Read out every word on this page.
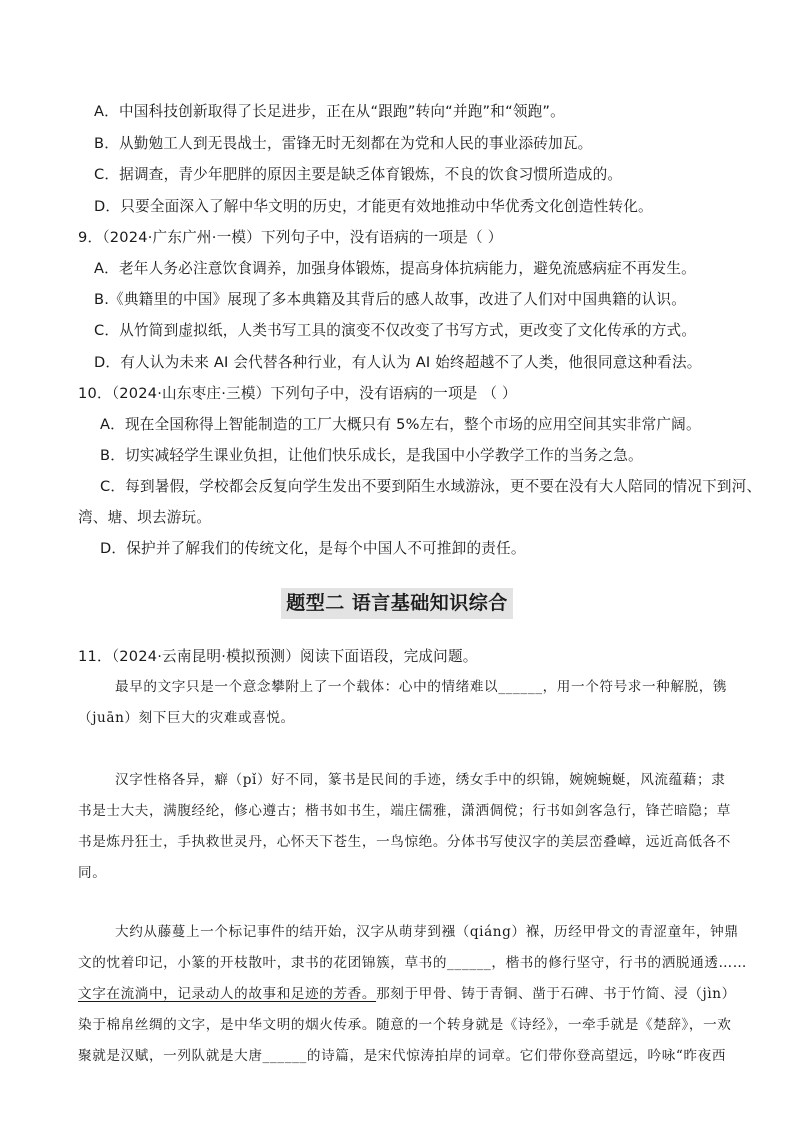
A．中国科技创新取得了长足进步，正在从“跟跑”转向“并跑”和“领跑”。
B．从勤勉工人到无畏战士，雷锋无时无刻都在为党和人民的事业添砖加瓦。
C．据调查，青少年肥胖的原因主要是缺乏体育锻炼，不良的饮食习惯所造成的。
D．只要全面深入了解中华文明的历史，才能更有效地推动中华优秀文化创造性转化。
9．（2024·广东广州·一模）下列句子中，没有语病的一项是（ ）
A．老年人务必注意饮食调养，加强身体锻炼，提高身体抗病能力，避免流感病症不再发生。
B.《典籍里的中国》展现了多本典籍及其背后的感人故事，改进了人们对中国典籍的认识。
C．从竹简到虚拟纸，人类书写工具的演变不仅改变了书写方式，更改变了文化传承的方式。
D．有人认为未来 AI 会代替各种行业，有人认为 AI 始终超越不了人类，他很同意这种看法。
10．（2024·山东枣庄·三模）下列句子中，没有语病的一项是 （ ）
A．现在全国称得上智能制造的工厂大概只有 5%左右，整个市场的应用空间其实非常广阔。
B．切实减轻学生课业负担，让他们快乐成长，是我国中小学教学工作的当务之急。
C．每到暑假，学校都会反复向学生发出不要到陌生水域游泳，更不要在没有大人陪同的情况下到河、
湾、塘、坝去游玩。
D．保护并了解我们的传统文化，是每个中国人不可推卸的责任。
题型二 语言基础知识综合
11．（2024·云南昆明·模拟预测）阅读下面语段，完成问题。
最早的文字只是一个意念攀附上了一个载体：心中的情绪难以______，用一个符号求一种解脱，镌
（juān）刻下巨大的灾难或喜悦。
汉字性格各异，癖（pǐ）好不同，篆书是民间的手迹，绣女手中的织锦，婉婉蜿蜒，风流蕴藉；隶
书是士大夫，满腹经纶，修心遵古；楷书如书生，端庄儒雅，潇洒倜傥；行书如剑客急行，锋芒暗隐；草
书是炼丹狂士，手执救世灵丹，心怀天下苍生，一鸟惊绝。分体书写使汉字的美层峦叠嶂，远近高低各不
同。
大约从藤蔓上一个标记事件的结开始，汉字从萌芽到襁（qiáng）褓，历经甲骨文的青涩童年，钟鼎
文的忱着印记，小篆的开枝散叶，隶书的花团锦簇，草书的______，楷书的修行坚守，行书的洒脱通透……
文字在流淌中，记录动人的故事和足迹的芳香。那刻于甲骨、铸于青铜、凿于石碑、书于竹简、浸（jìn）
染于棉帛丝绸的文字，是中华文明的烟火传承。随意的一个转身就是《诗经》，一牵手就是《楚辞》，一欢
聚就是汉赋，一列队就是大唐______的诗篇，是宋代惊涛拍岸的词章。它们带你登高望远，吟咏“昨夜西
